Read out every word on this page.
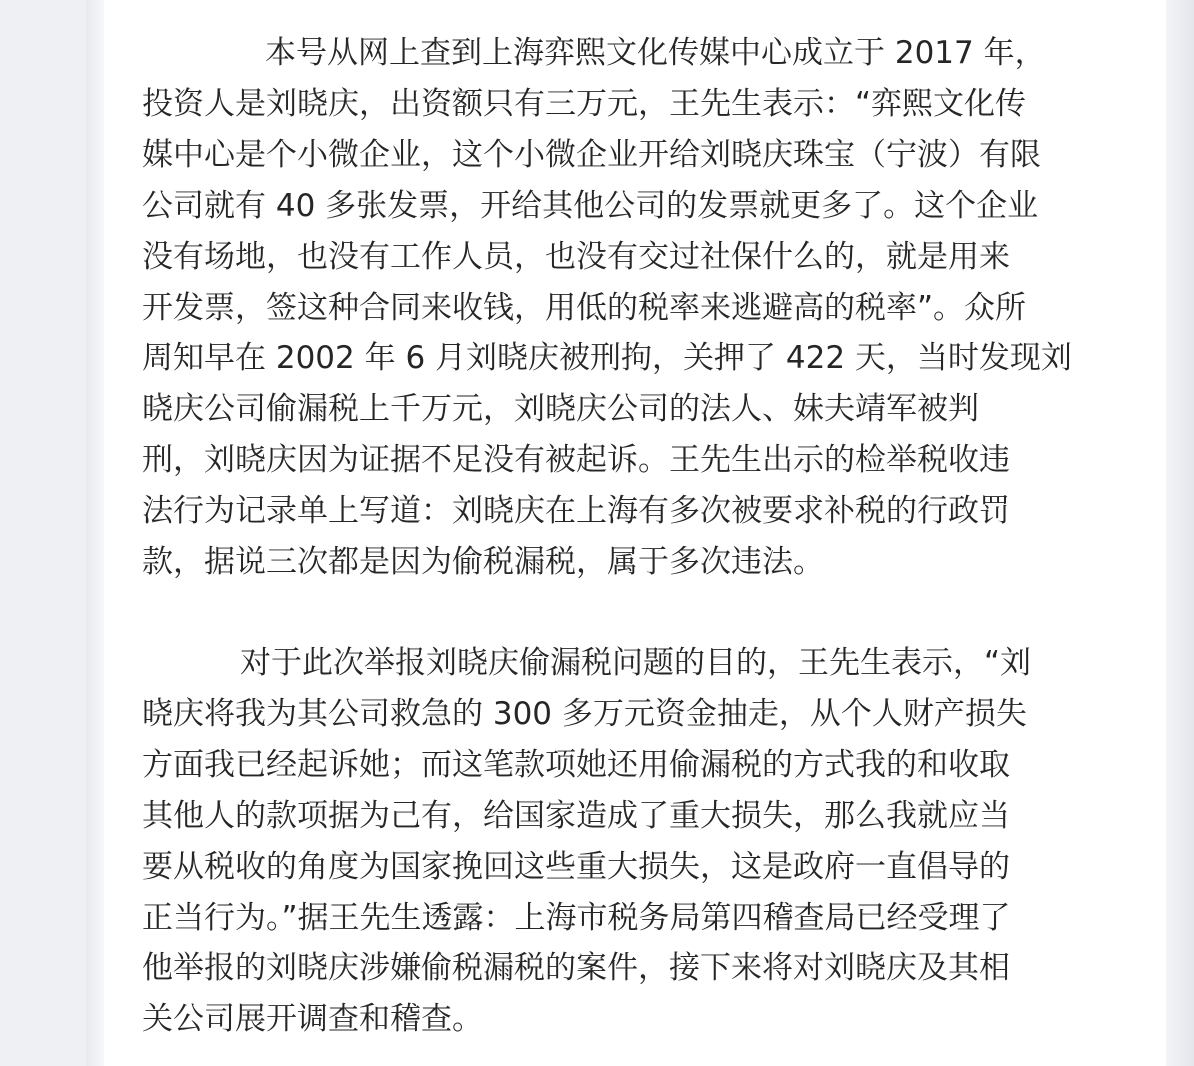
本号从网上查到上海弈熙文化传媒中心成立于 2017 年，
投资人是刘晓庆，出资额只有三万元，王先生表示：“弈熙文化传
媒中心是个小微企业，这个小微企业开给刘晓庆珠宝（宁波）有限
公司就有 40 多张发票，开给其他公司的发票就更多了。这个企业
没有场地，也没有工作人员，也没有交过社保什么的，就是用来
开发票，签这种合同来收钱，用低的税率来逃避高的税率”。众所
周知早在 2002 年 6 月刘晓庆被刑拘，关押了 422 天，当时发现刘
晓庆公司偷漏税上千万元，刘晓庆公司的法人、妹夫靖军被判
刑，刘晓庆因为证据不足没有被起诉。王先生出示的检举税收违
法行为记录单上写道：刘晓庆在上海有多次被要求补税的行政罚
款，据说三次都是因为偷税漏税，属于多次违法。
对于此次举报刘晓庆偷漏税问题的目的，王先生表示，“刘
晓庆将我为其公司救急的 300 多万元资金抽走，从个人财产损失
方面我已经起诉她；而这笔款项她还用偷漏税的方式我的和收取
其他人的款项据为己有，给国家造成了重大损失，那么我就应当
要从税收的角度为国家挽回这些重大损失，这是政府一直倡导的
正当行为。”据王先生透露：上海市税务局第四稽查局已经受理了
他举报的刘晓庆涉嫌偷税漏税的案件，接下来将对刘晓庆及其相
关公司展开调查和稽查。
